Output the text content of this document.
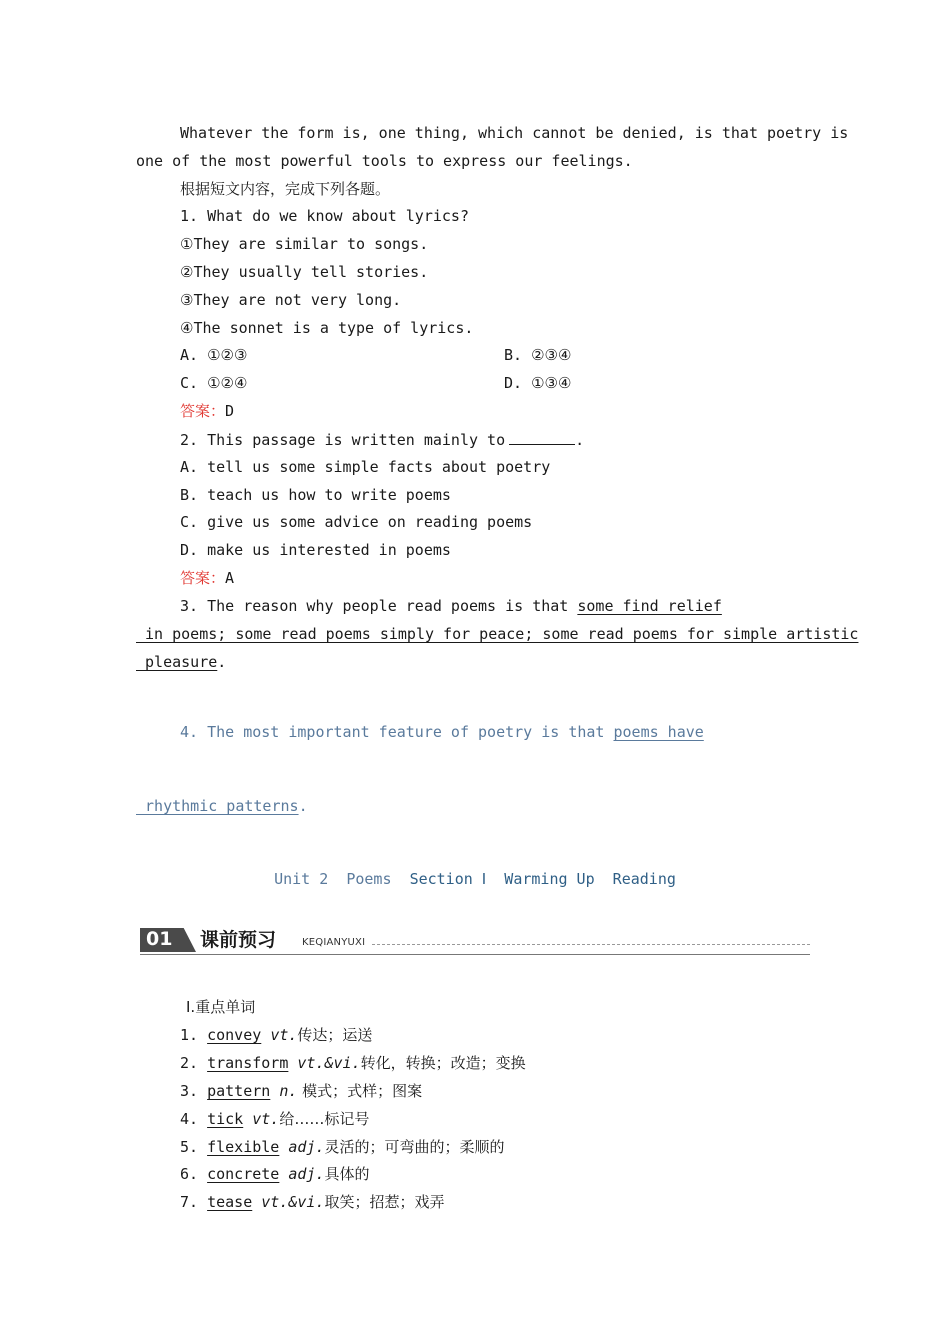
Whatever the form is, one thing, which cannot be denied, is that poetry is
one of the most powerful tools to express our feelings.
根据短文内容，完成下列各题。
1. What do we know about lyrics?
①They are similar to songs.
②They usually tell stories.
③They are not very long.
④The sonnet is a type of lyrics.
A. ①②③	B. ②③④
C. ①②④	D. ①③④
答案：D
2. This passage is written mainly to	.
A. tell us some simple facts about poetry
B. teach us how to write poems
C. give us some advice on reading poems
D. make us interested in poems
答案：A
3. The reason why people read poems is that some find relief
in poems; some read poems simply for peace; some read poems for simple artistic
pleasure.
4. The most important feature of poetry is that poems have
rhythmic patterns.
Unit 2 Poems Section Ⅰ Warming Up  Reading
01 课前预习	KEQIANYUXI
Ⅰ.重点单词
1. convey vt.传达；运送
2. transform vt.&vi.转化，转换；改造；变换
3. pattern n. 模式；式样；图案
4. tick vt.给……标记号
5. flexible adj.灵活的；可弯曲的；柔顺的
6. concrete adj.具体的
7. tease vt.&vi.取笑；招惹；戏弄
